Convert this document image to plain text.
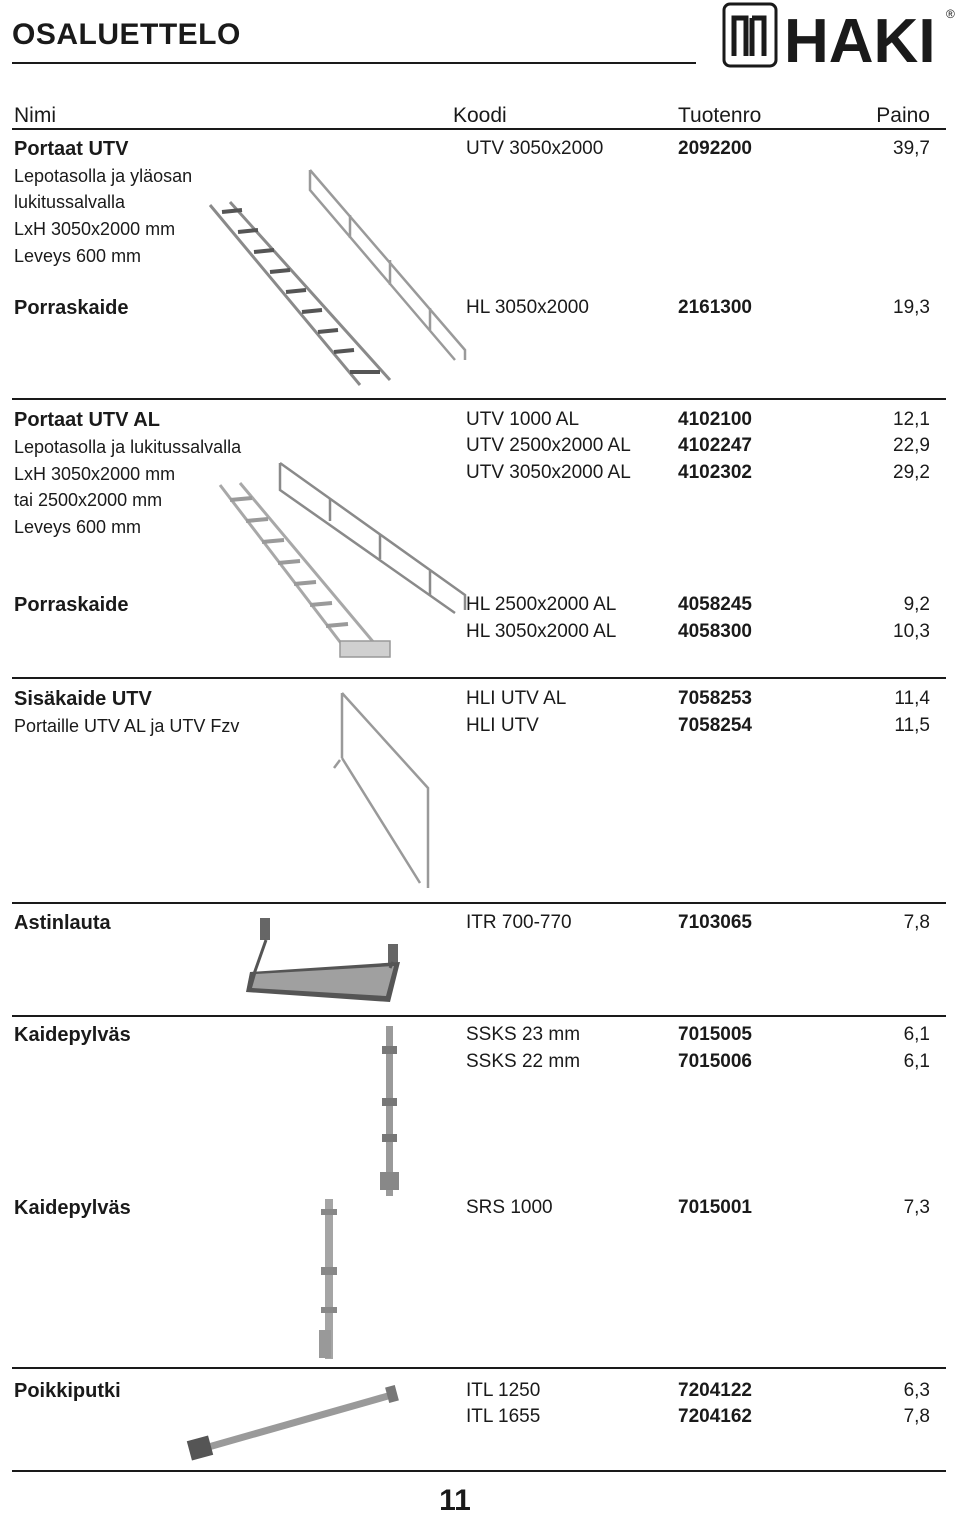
OSALUETTELO	HAKI ®
Nimi	Koodi	Tuotenro	Paino
Portaat UTV
Lepotasolla ja yläosan
lukitussalvalla
LxH 3050x2000 mm
Leveys 600 mm
UTV 3050x2000	2092200	39,7
Porraskaide	HL 3050x2000	2161300	19,3
Portaat UTV AL
Lepotasolla ja lukitussalvalla
LxH 3050x2000 mm
tai 2500x2000 mm
Leveys 600 mm
UTV 1000 AL	4102100	12,1
UTV 2500x2000 AL 4102247	22,9
UTV 3050x2000 AL 4102302	29,2
Porraskaide	HL 2500x2000 AL	4058245	9,2
HL 3050x2000 AL	4058300	10,3
Sisäkaide UTV
Portaille UTV AL ja UTV Fzv
HLI UTV AL	7058253	11,4
HLI UTV	7058254	11,5
Astinlauta	ITR 700-770	7103065	7,8
Kaidepylväs	SSKS 23 mm	7015005	6,1
SSKS 22 mm	7015006	6,1
Kaidepylväs	SRS 1000	7015001	7,3
Poikkiputki	ITL 1250	7204122	6,3
ITL 1655	7204162	7,8
11
